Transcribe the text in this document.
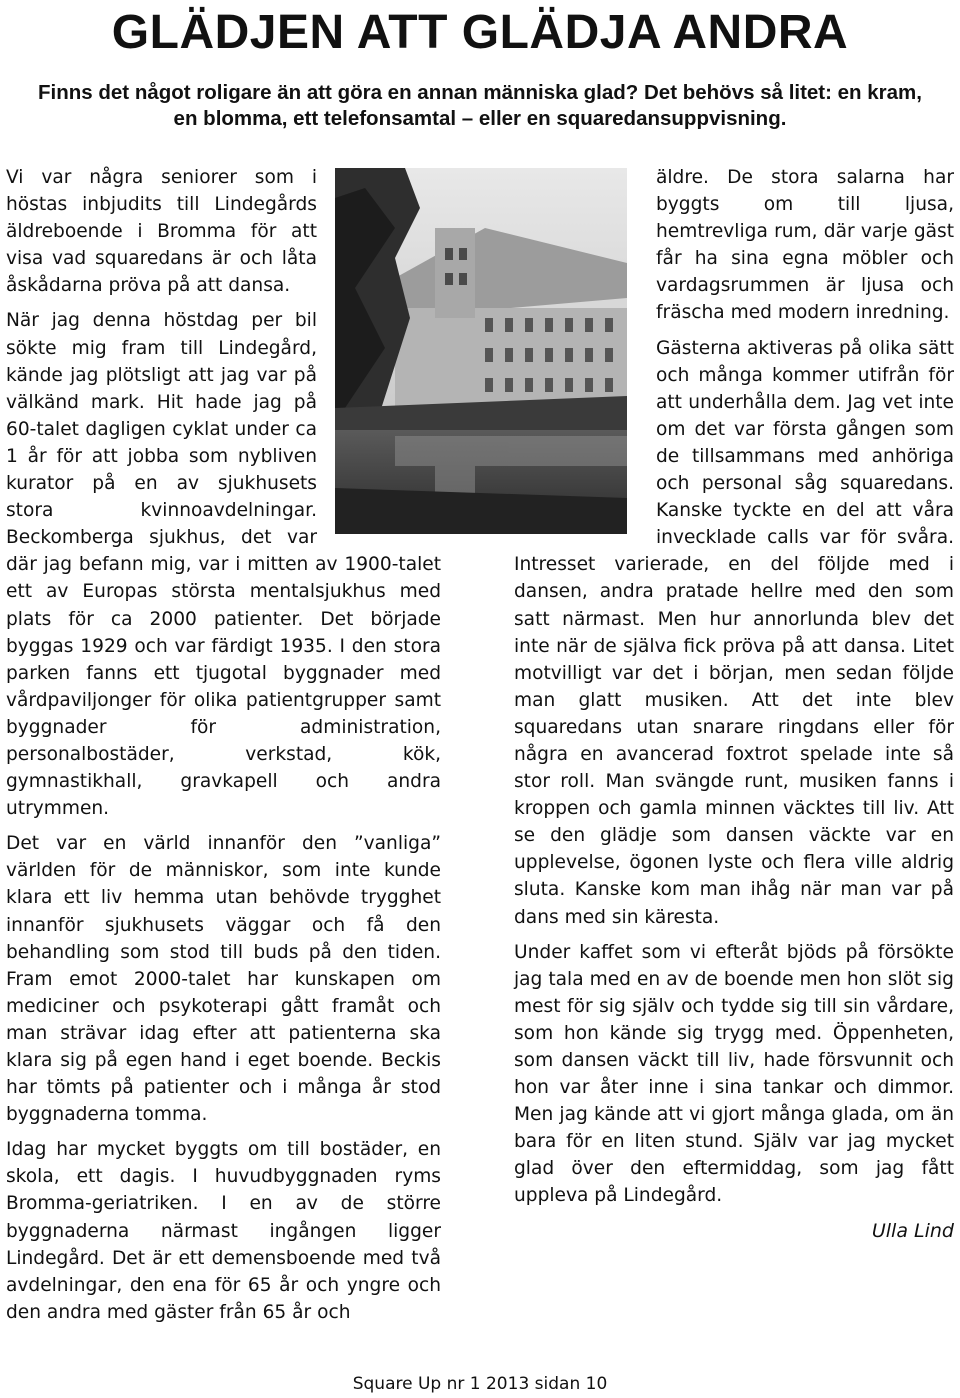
GLÄDJEN ATT GLÄDJA ANDRA

Finns det något roligare än att göra en annan människa glad? Det behövs så litet: en kram, en blomma, ett telefonsamtal – eller en squaredansuppvisning.

Vi var några seniorer som i höstas inbjudits till Lindegårds äldreboende i Bromma för att visa vad squaredans är och låta åskådarna pröva på att dansa.

När jag denna höstdag per bil sökte mig fram till Lindegård, kände jag plötsligt att jag var på välkänd mark. Hit hade jag på 60-talet dagligen cyklat under ca 1 år för att jobba som nybliven kurator på en av sjukhusets stora kvinnoavdelningar. Beckomberga sjukhus, det var där jag befann mig, var i mitten av 1900-talet ett av Europas största mentalsjukhus med plats för ca 2000 patienter. Det började byggas 1929 och var färdigt 1935. I den stora parken fanns ett tjugotal byggnader med vårdpaviljonger för olika patientgrupper samt byggnader för administration, personalbostäder, verkstad, kök, gymnastikhall, gravkapell och andra utrymmen.

Det var en värld innanför den ”vanliga” världen för de människor, som inte kunde klara ett liv hemma utan behövde trygghet innanför sjukhusets väggar och få den behandling som stod till buds på den tiden. Fram emot 2000-talet har kunskapen om mediciner och psykoterapi gått framåt och man strävar idag efter att patienterna ska klara sig på egen hand i eget boende. Beckis har tömts på patienter och i många år stod byggnaderna tomma.

Idag har mycket byggts om till bostäder, en skola, ett dagis. I huvudbyggnaden ryms Bromma-geriatriken. I en av de större byggnaderna närmast ingången ligger Lindegård. Det är ett demensboende med två avdelningar, den ena för 65 år och yngre och den andra med gäster från 65 år och

äldre. De stora salarna har byggts om till ljusa, hemtrevliga rum, där varje gäst får ha sina egna möbler och vardagsrummen är ljusa och fräscha med modern inredning.

Gästerna aktiveras på olika sätt och många kommer utifrån för att underhålla dem. Jag vet inte om det var första gången som de tillsammans med anhöriga och personal såg squaredans. Kanske tyckte en del att våra invecklade calls var för svåra. Intresset varierade, en del följde med i dansen, andra pratade hellre med den som satt närmast. Men hur annorlunda blev det inte när de själva fick pröva på att dansa. Litet motvilligt var det i början, men sedan följde man glatt musiken. Att det inte blev squaredans utan snarare ringdans eller för några en avancerad foxtrot spelade inte så stor roll. Man svängde runt, musiken fanns i kroppen och gamla minnen väcktes till liv. Att se den glädje som dansen väckte var en upplevelse, ögonen lyste och flera ville aldrig sluta. Kanske kom man ihåg när man var på dans med sin käresta.

Under kaffet som vi efteråt bjöds på försökte jag tala med en av de boende men hon slöt sig mest för sig själv och tydde sig till sin vårdare, som hon kände sig trygg med. Öppenheten, som dansen väckt till liv, hade försvunnit och hon var åter inne i sina tankar och dimmor. Men jag kände att vi gjort många glada, om än bara för en liten stund. Själv var jag mycket glad över den eftermiddag, som jag fått uppleva på Lindegård.

Ulla Lind
Square Up nr 1 2013 sidan 10
